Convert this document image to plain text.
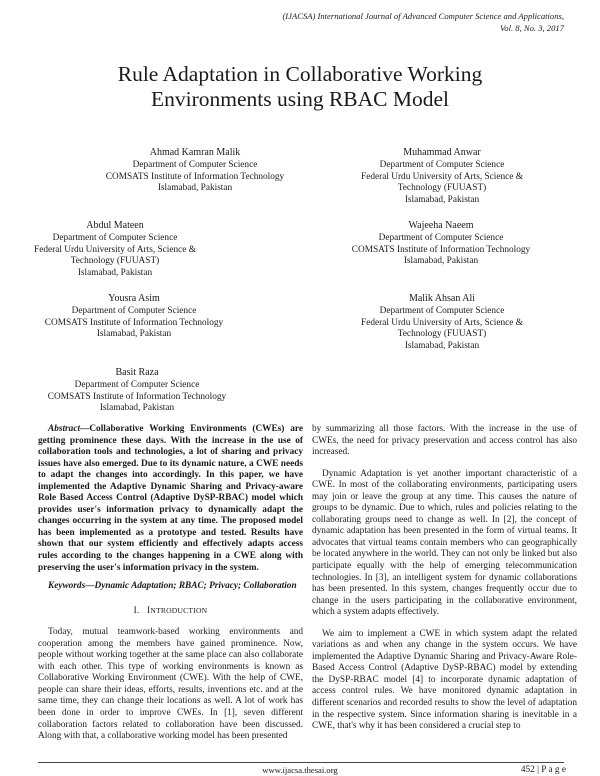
(IJACSA) International Journal of Advanced Computer Science and Applications,
Vol. 8, No. 3, 2017
Rule Adaptation in Collaborative Working
Environments using RBAC Model
Ahmad Kamran Malik
Department of Computer Science
COMSATS Institute of Information Technology
Islamabad, Pakistan
Muhammad Anwar
Department of Computer Science
Federal Urdu University of Arts, Science &
Technology (FUUAST)
Islamabad, Pakistan
Abdul Mateen
Department of Computer Science
Federal Urdu University of Arts, Science &
Technology (FUUAST)
Islamabad, Pakistan
Wajeeha Naeem
Department of Computer Science
COMSATS Institute of Information Technology
Islamabad, Pakistan
Yousra Asim
Department of Computer Science
COMSATS Institute of Information Technology
Islamabad, Pakistan
Malik Ahsan Ali
Department of Computer Science
Federal Urdu University of Arts, Science &
Technology (FUUAST)
Islamabad, Pakistan
Basit Raza
Department of Computer Science
COMSATS Institute of Information Technology
Islamabad, Pakistan
Abstract—Collaborative Working Environments (CWEs) are getting prominence these days. With the increase in the use of collaboration tools and technologies, a lot of sharing and privacy issues have also emerged. Due to its dynamic nature, a CWE needs to adapt the changes into accordingly. In this paper, we have implemented the Adaptive Dynamic Sharing and Privacy-aware Role Based Access Control (Adaptive DySP-RBAC) model which provides user's information privacy to dynamically adapt the changes occurring in the system at any time. The proposed model has been implemented as a prototype and tested. Results have shown that our system efficiently and effectively adapts access rules according to the changes happening in a CWE along with preserving the user's information privacy in the system.
Keywords—Dynamic Adaptation; RBAC; Privacy; Collaboration
I. INTRODUCTION

Today, mutual teamwork-based working environments and cooperation among the members have gained prominence. Now, people without working together at the same place can also collaborate with each other. This type of working environments is known as Collaborative Working Environment (CWE). With the help of CWE, people can share their ideas, efforts, results, inventions etc. and at the same time, they can change their locations as well. A lot of work has been done in order to improve CWEs. In [1], seven different collaboration factors related to collaboration have been discussed. Along with that, a collaborative working model has been presented

by summarizing all those factors. With the increase in the use of CWEs, the need for privacy preservation and access control has also increased.

Dynamic Adaptation is yet another important characteristic of a CWE. In most of the collaborating environments, participating users may join or leave the group at any time. This causes the nature of groups to be dynamic. Due to which, rules and policies relating to the collaborating groups need to change as well. In [2], the concept of dynamic adaptation has been presented in the form of virtual teams. It advocates that virtual teams contain members who can geographically be located anywhere in the world. They can not only be linked but also participate equally with the help of emerging telecommunication technologies. In [3], an intelligent system for dynamic collaborations has been presented. In this system, changes frequently occur due to change in the users participating in the collaborative environment, which a system adapts effectively.

We aim to implement a CWE in which system adapt the related variations as and when any change in the system occurs. We have implemented the Adaptive Dynamic Sharing and Privacy-Aware Role-Based Access Control (Adaptive DySP-RBAC) model by extending the DySP-RBAC model [4] to incorporate dynamic adaptation of access control rules. We have monitored dynamic adaptation in different scenarios and recorded results to show the level of adaptation in the respective system. Since information sharing is inevitable in a CWE, that's why it has been considered a crucial step to

www.ijacsa.thesai.org	452 | P a g e
